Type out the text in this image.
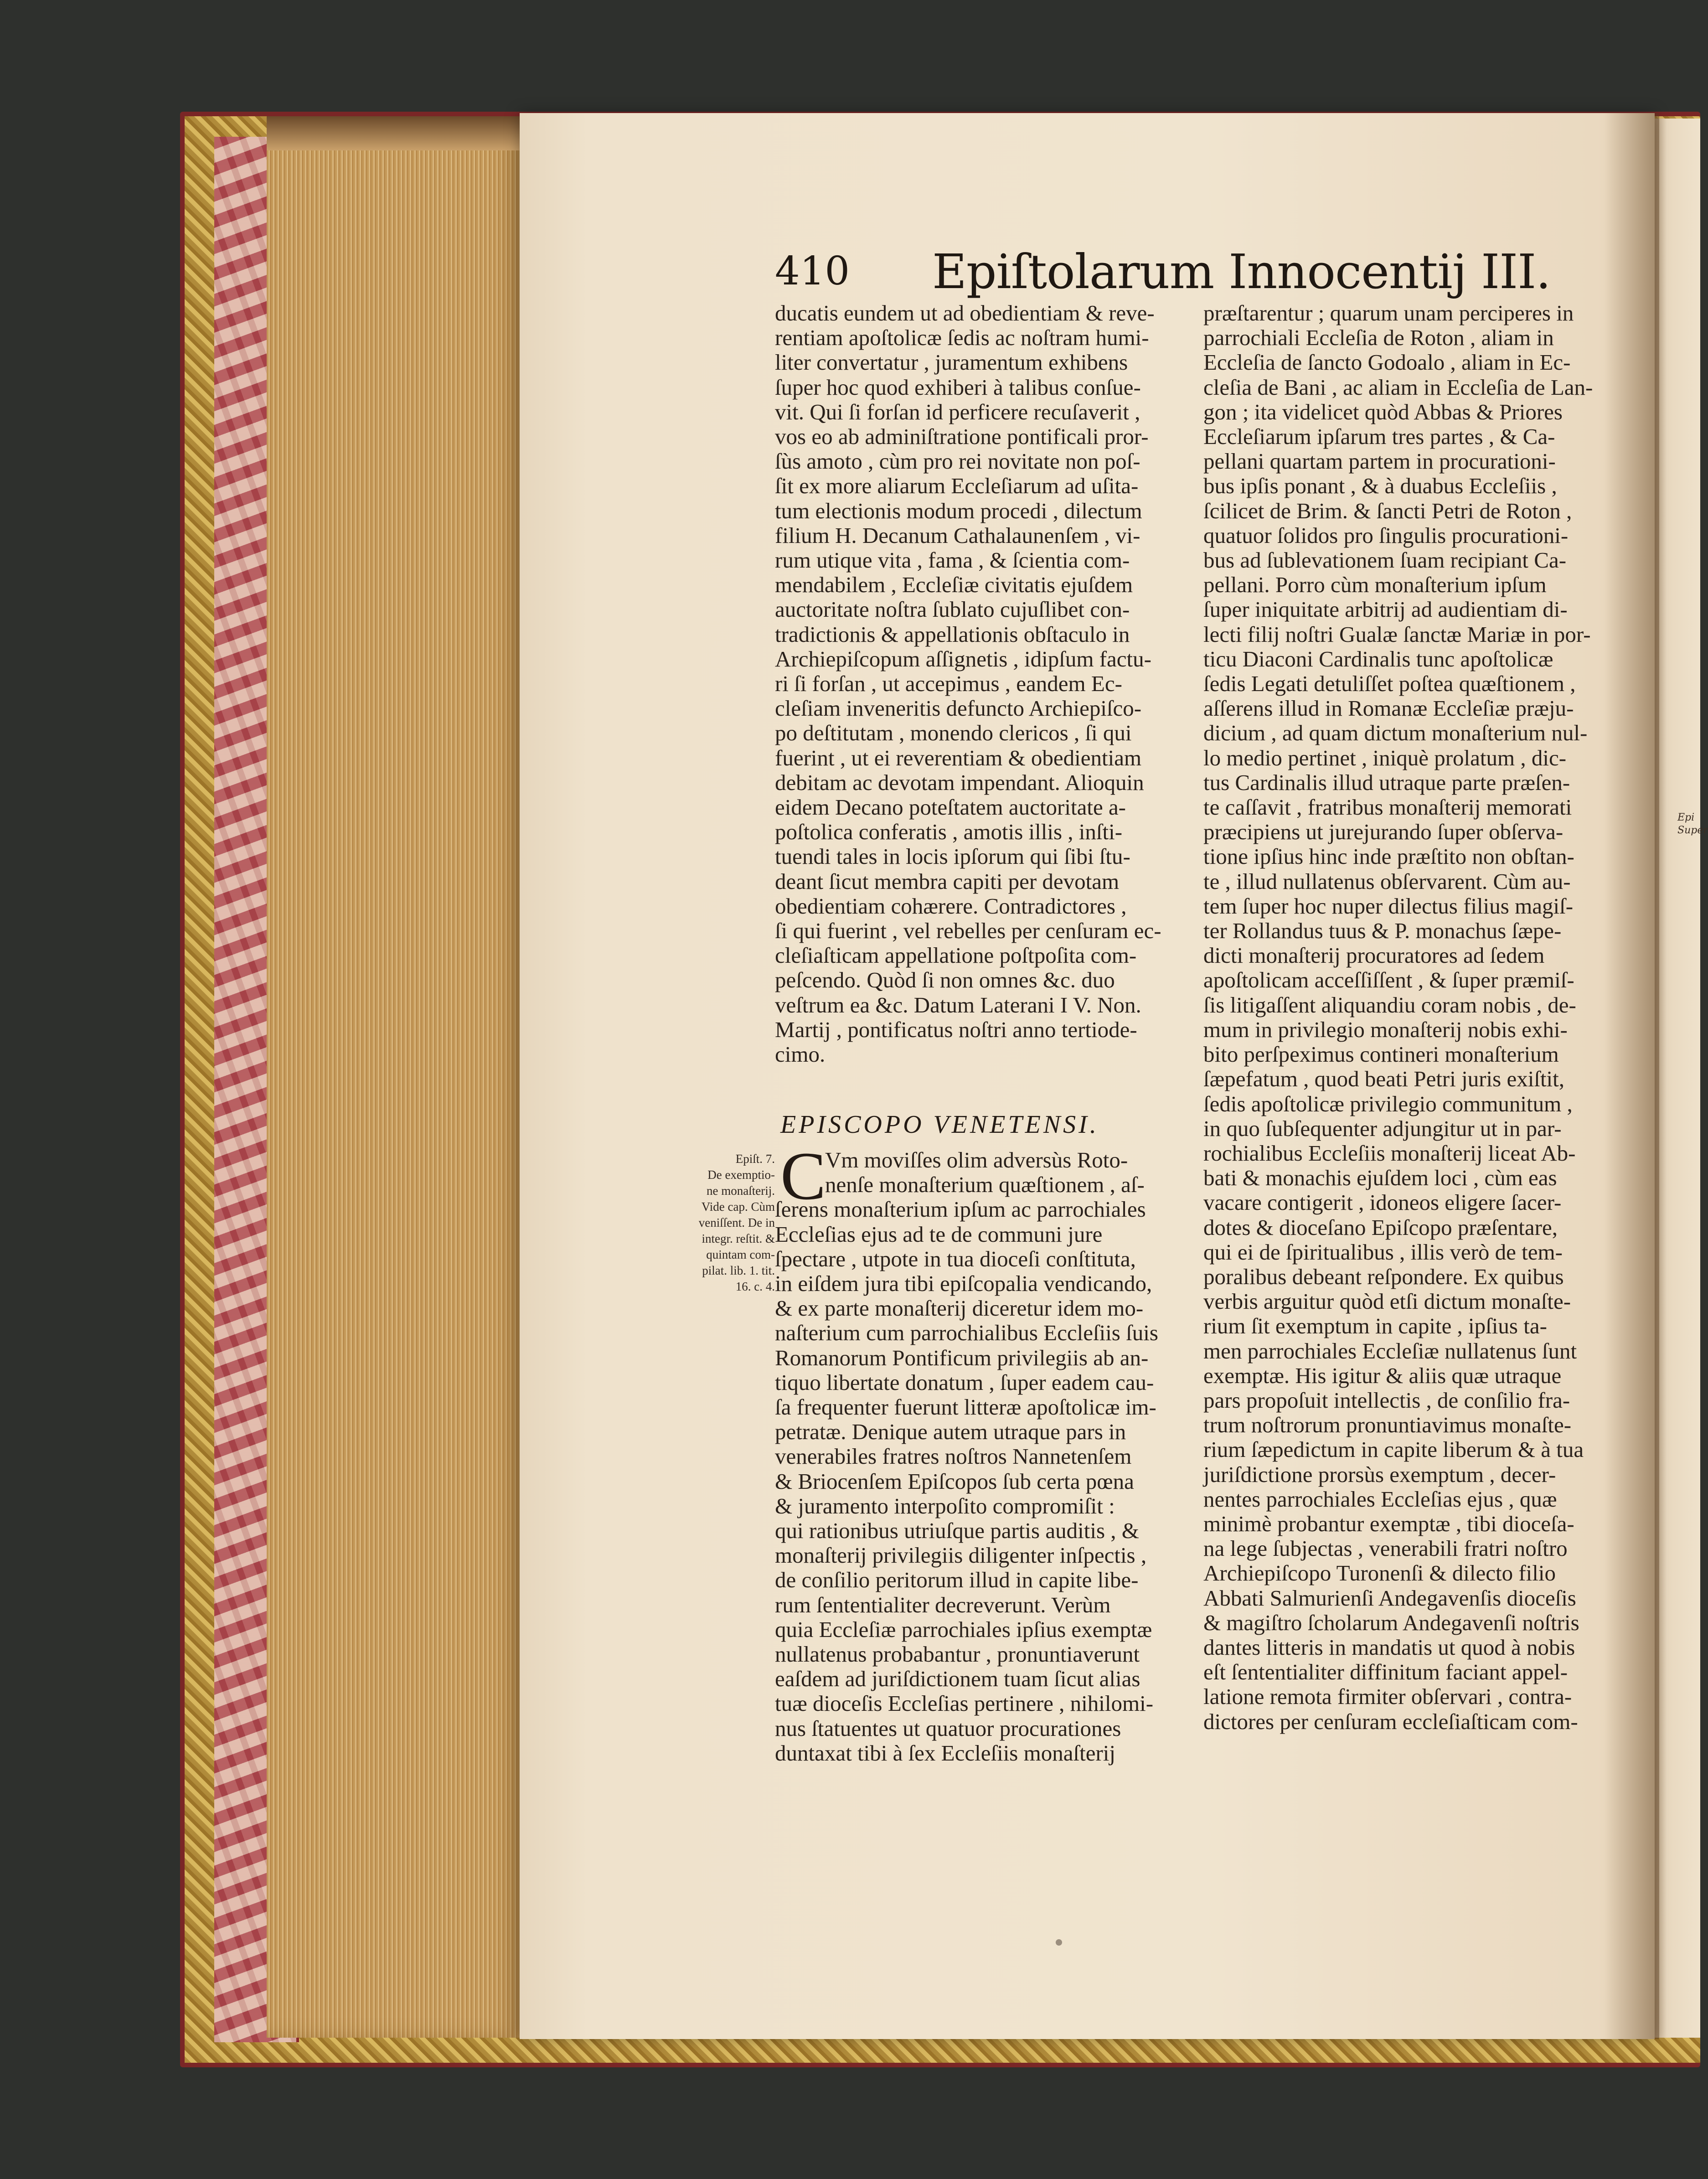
Epi
Super
410 Epiſtolarum Innocentij III.
ducatis eundem ut ad obedientiam & reve-
rentiam apoſtolicæ ſedis ac noſtram humi-
liter convertatur , juramentum exhibens
ſuper hoc quod exhiberi à talibus conſue-
vit. Qui ſi forſan id perficere recuſaverit ,
vos eo ab adminiſtratione pontificali pror-
ſùs amoto , cùm pro rei novitate non poſ-
ſit ex more aliarum Eccleſiarum ad uſita-
tum electionis modum procedi , dilectum
filium H. Decanum Cathalaunenſem , vi-
rum utique vita , fama , & ſcientia com-
mendabilem , Eccleſiæ civitatis ejuſdem
auctoritate noſtra ſublato cujuſlibet con-
tradictionis & appellationis obſtaculo in
Archiepiſcopum aſſignetis , idipſum factu-
ri ſi forſan , ut accepimus , eandem Ec-
cleſiam inveneritis defuncto Archiepiſco-
po deſtitutam , monendo clericos , ſi qui
fuerint , ut ei reverentiam & obedientiam
debitam ac devotam impendant. Alioquin
eidem Decano poteſtatem auctoritate a-
poſtolica conferatis , amotis illis , inſti-
tuendi tales in locis ipſorum qui ſibi ſtu-
deant ſicut membra capiti per devotam
obedientiam cohærere. Contradictores ,
ſi qui fuerint , vel rebelles per cenſuram ec-
cleſiaſticam appellatione poſtpoſita com-
peſcendo. Quòd ſi non omnes &c. duo
veſtrum ea &c. Datum Laterani I V. Non.
Martij , pontificatus noſtri anno tertiode-
cimo.
EPISCOPO VENETENSI.
C
Vm moviſſes olim adversùs Roto-
nenſe monaſterium quæſtionem , aſ-
ſerens monaſterium ipſum ac parrochiales
Eccleſias ejus ad te de communi jure
ſpectare , utpote in tua dioceſi conſtituta,
in eiſdem jura tibi epiſcopalia vendicando,
& ex parte monaſterij diceretur idem mo-
naſterium cum parrochialibus Eccleſiis ſuis
Romanorum Pontificum privilegiis ab an-
tiquo libertate donatum , ſuper eadem cau-
ſa frequenter fuerunt litteræ apoſtolicæ im-
petratæ. Denique autem utraque pars in
venerabiles fratres noſtros Nannetenſem
& Briocenſem Epiſcopos ſub certa pœna
& juramento interpoſito compromiſit :
qui rationibus utriuſque partis auditis , &
monaſterij privilegiis diligenter inſpectis ,
de conſilio peritorum illud in capite libe-
rum ſententialiter decreverunt. Verùm
quia Eccleſiæ parrochiales ipſius exemptæ
nullatenus probabantur , pronuntiaverunt
eaſdem ad juriſdictionem tuam ſicut alias
tuæ dioceſis Eccleſias pertinere , nihilomi-
nus ſtatuentes ut quatuor procurationes
duntaxat tibi à ſex Eccleſiis monaſterij
Epiſt. 7.
De exemptio-
ne monaſterij.
Vide cap. Cùm
veniſſent. De in
integr. reſtit. &
quintam com-
pilat. lib. 1. tit.
16. c. 4.
præſtarentur ; quarum unam perciperes in
parrochiali Eccleſia de Roton , aliam in
Eccleſia de ſancto Godoalo , aliam in Ec-
cleſia de Bani , ac aliam in Eccleſia de Lan-
gon ; ita videlicet quòd Abbas & Priores
Eccleſiarum ipſarum tres partes , & Ca-
pellani quartam partem in procurationi-
bus ipſis ponant , & à duabus Eccleſiis ,
ſcilicet de Brim. & ſancti Petri de Roton ,
quatuor ſolidos pro ſingulis procurationi-
bus ad ſublevationem ſuam recipiant Ca-
pellani. Porro cùm monaſterium ipſum
ſuper iniquitate arbitrij ad audientiam di-
lecti filij noſtri Gualæ ſanctæ Mariæ in por-
ticu Diaconi Cardinalis tunc apoſtolicæ
ſedis Legati detuliſſet poſtea quæſtionem ,
aſſerens illud in Romanæ Eccleſiæ præju-
dicium , ad quam dictum monaſterium nul-
lo medio pertinet , iniquè prolatum , dic-
tus Cardinalis illud utraque parte præſen-
te caſſavit , fratribus monaſterij memorati
præcipiens ut jurejurando ſuper obſerva-
tione ipſius hinc inde præſtito non obſtan-
te , illud nullatenus obſervarent. Cùm au-
tem ſuper hoc nuper dilectus filius magiſ-
ter Rollandus tuus & P. monachus ſæpe-
dicti monaſterij procuratores ad ſedem
apoſtolicam acceſſiſſent , & ſuper præmiſ-
ſis litigaſſent aliquandiu coram nobis , de-
mum in privilegio monaſterij nobis exhi-
bito perſpeximus contineri monaſterium
ſæpefatum , quod beati Petri juris exiſtit,
ſedis apoſtolicæ privilegio communitum ,
in quo ſubſequenter adjungitur ut in par-
rochialibus Eccleſiis monaſterij liceat Ab-
bati & monachis ejuſdem loci , cùm eas
vacare contigerit , idoneos eligere ſacer-
dotes & dioceſano Epiſcopo præſentare,
qui ei de ſpiritualibus , illis verò de tem-
poralibus debeant reſpondere. Ex quibus
verbis arguitur quòd etſi dictum monaſte-
rium ſit exemptum in capite , ipſius ta-
men parrochiales Eccleſiæ nullatenus ſunt
exemptæ. His igitur & aliis quæ utraque
pars propoſuit intellectis , de conſilio fra-
trum noſtrorum pronuntiavimus monaſte-
rium ſæpedictum in capite liberum & à tua
juriſdictione prorsùs exemptum , decer-
nentes parrochiales Eccleſias ejus , quæ
minimè probantur exemptæ , tibi dioceſa-
na lege ſubjectas , venerabili fratri noſtro
Archiepiſcopo Turonenſi & dilecto filio
Abbati Salmurienſi Andegavenſis dioceſis
& magiſtro ſcholarum Andegavenſi noſtris
dantes litteris in mandatis ut quod à nobis
eſt ſententialiter diffinitum faciant appel-
latione remota firmiter obſervari , contra-
dictores per cenſuram eccleſiaſticam com-
